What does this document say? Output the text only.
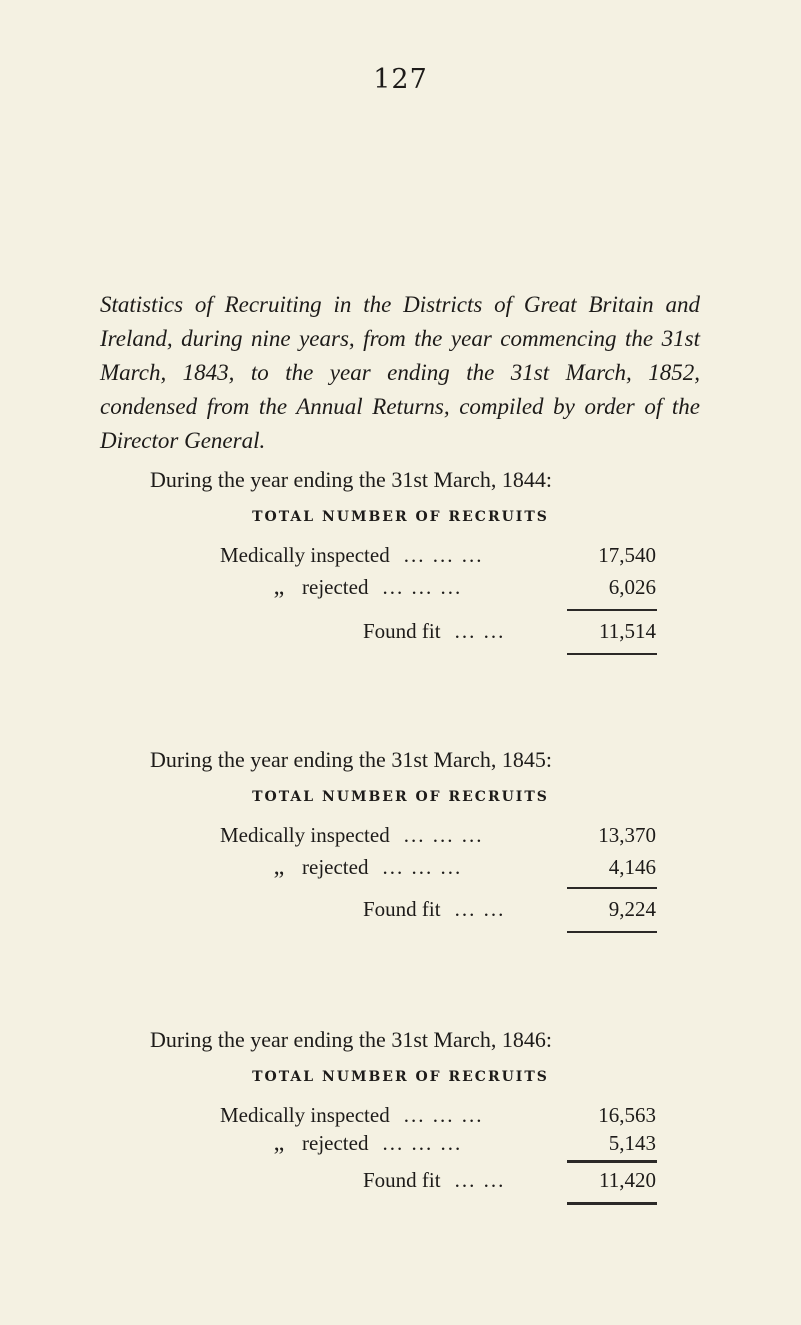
127
Statistics of Recruiting in the Districts of Great Britain and Ireland, during nine years, from the year commencing the 31st March, 1843, to the year ending the 31st March, 1852, condensed from the Annual Returns, compiled by order of the Director General.
During the year ending the 31st March, 1844:
TOTAL NUMBER OF RECRUITS
Medically inspected ... ... ...	17,540
„ rejected ... ... ...	6,026
Found fit ... ...	11,514
During the year ending the 31st March, 1845:
TOTAL NUMBER OF RECRUITS
Medically inspected ... ... ...	13,370
„ rejected ... ... ...	4,146
Found fit ... ...	9,224
During the year ending the 31st March, 1846:
TOTAL NUMBER OF RECRUITS
Medically inspected ... ... ...	16,563
„ rejected ... ... ...	5,143
Found fit ... ...	11,420
